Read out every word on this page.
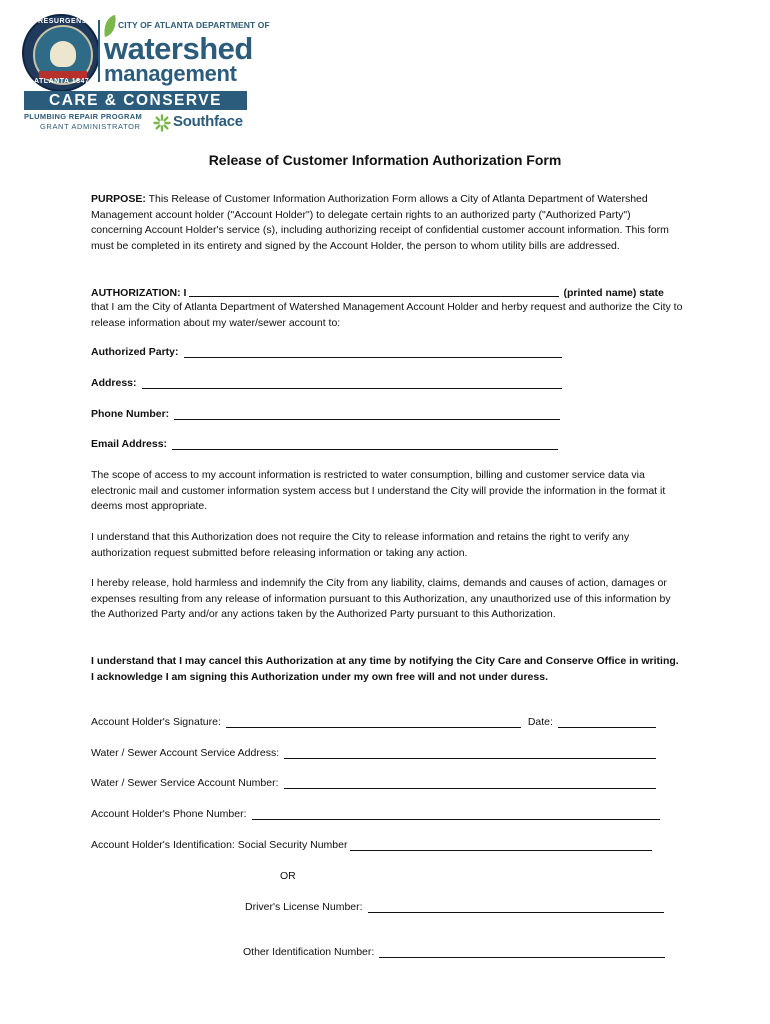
RESURGENS
ATLANTA 1847
®
CITY OF ATLANTA DEPARTMENT OF
watershed
management
CARE & CONSERVE
PLUMBING REPAIR PROGRAM
GRANT ADMINISTRATOR Southface
Release of Customer Information Authorization Form

PURPOSE: This Release of Customer Information Authorization Form allows a City of Atlanta Department of Watershed Management account holder ("Account Holder") to delegate certain rights to an authorized party ("Authorized Party") concerning Account Holder's service (s), including authorizing receipt of confidential customer account information. This form must be completed in its entirety and signed by the Account Holder, the person to whom utility bills are addressed.

AUTHORIZATION: I	(printed name) state

that I am the City of Atlanta Department of Watershed Management Account Holder and herby request and authorize the City to release information about my water/sewer account to:

Authorized Party:
Address:
Phone Number:
Email Address:

The scope of access to my account information is restricted to water consumption, billing and customer service data via electronic mail and customer information system access but I understand the City will provide the information in the format it deems most appropriate.

I understand that this Authorization does not require the City to release information and retains the right to verify any authorization request submitted before releasing information or taking any action.

I hereby release, hold harmless and indemnify the City from any liability, claims, demands and causes of action, damages or expenses resulting from any release of information pursuant to this Authorization, any unauthorized use of this information by the Authorized Party and/or any actions taken by the Authorized Party pursuant to this Authorization.

I understand that I may cancel this Authorization at any time by notifying the City Care and Conserve Office in writing. I acknowledge I am signing this Authorization under my own free will and not under duress.

Account Holder's Signature:	Date:
Water / Sewer Account Service Address:
Water / Sewer Service Account Number:
Account Holder's Phone Number:
Account Holder's Identification: Social Security Number
OR
Driver's License Number:
Other Identification Number:
